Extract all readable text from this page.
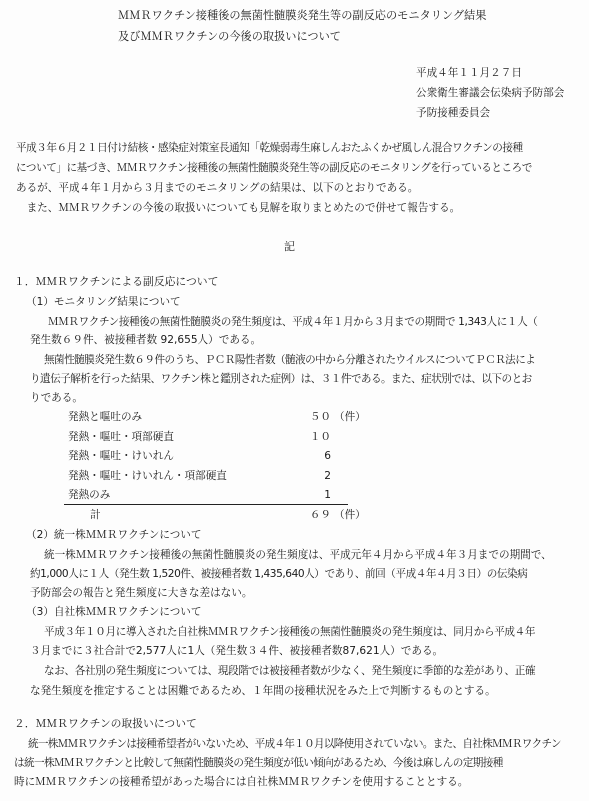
ＭＭＲワクチン接種後の無菌性髄膜炎発生等の副反応のモニタリング結果
及びＭＭＲワクチンの今後の取扱いについて
平成４年１１月２７日
公衆衛生審議会伝染病予防部会
予防接種委員会
平成３年６月２１日付け結核・感染症対策室長通知「乾燥弱毒生麻しんおたふくかぜ風しん混合ワクチンの接種
について」に基づき、ＭＭＲワクチン接種後の無菌性髄膜炎発生等の副反応のモニタリングを行っているところで
あるが、平成４年１月から３月までのモニタリングの結果は、以下のとおりである。
　また、ＭＭＲワクチンの今後の取扱いについても見解を取りまとめたので併せて報告する。
記
１．ＭＭＲワクチンによる副反応について
（1）モニタリング結果について
ＭＭＲワクチン接種後の無菌性髄膜炎の発生頻度は、平成４年１月から３月までの期間で 1,343人に１人（
発生数６９件、被接種者数 92,655人）である。
無菌性髄膜炎発生数６９件のうち、ＰＣＲ陽性者数（髄液の中から分離されたウイルスについてＰＣＲ法によ
り遺伝子解析を行った結果、ワクチン株と鑑別された症例）は、３１件である。また、症状別では、以下のとお
りである。
発熱と嘔吐のみ	５０ （件）
発熱・嘔吐・項部硬直	１０
発熱・嘔吐・けいれん	6
発熱・嘔吐・けいれん・項部硬直	2
発熱のみ	1
計	６９ （件）
（2）統一株ＭＭＲワクチンについて
統一株ＭＭＲワクチン接種後の無菌性髄膜炎の発生頻度は、平成元年４月から平成４年３月までの期間で、
約1,000人に１人（発生数 1,520件、被接種者数 1,435,640人）であり、前回（平成４年４月３日）の伝染病
予防部会の報告と発生頻度に大きな差はない。
（3）自社株ＭＭＲワクチンについて
平成３年１０月に導入された自社株ＭＭＲワクチン接種後の無菌性髄膜炎の発生頻度は、同月から平成４年
３月までに３社合計で2,577人に1人（発生数３４件、被接種者数87,621人）である。
なお、各社別の発生頻度については、現段階では被接種者数が少なく、発生頻度に季節的な差があり、正確
な発生頻度を推定することは困難であるため、１年間の接種状況をみた上で判断するものとする。
２．ＭＭＲワクチンの取扱いについて
統一株ＭＭＲワクチンは接種希望者がいないため、平成４年１０月以降使用されていない。また、自社株ＭＭＲワクチン
は統一株ＭＭＲワクチンと比較して無菌性髄膜炎の発生頻度が低い傾向があるため、今後は麻しんの定期接種
時にＭＭＲワクチンの接種希望があった場合には自社株ＭＭＲワクチンを使用することとする。
